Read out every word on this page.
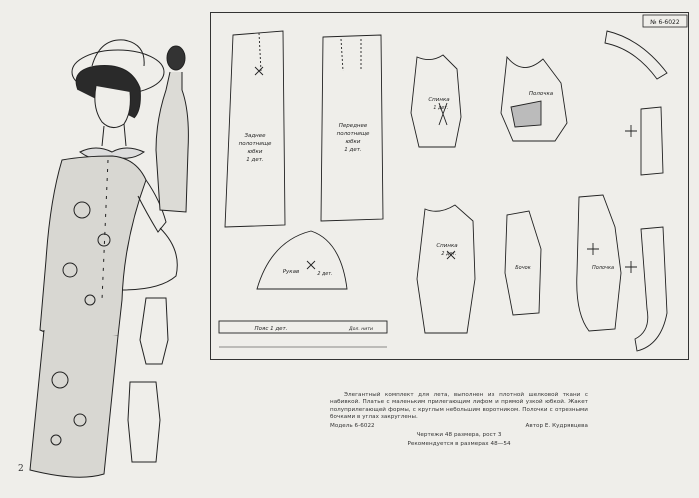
№ 6-6022
Заднее
полотнище
юбки
1 дет.
Переднее
полотнище
юбки
1 дет.
Спинка
1 дет.
Полочка
Рукав	2 дет.
Пояс 1 дет.	Дол. нити
Спинка
2 дет.
Бочок	Полочка

Элегантный комплект для лета, выполнен из плотной шелковой ткани с набивкой. Платье с маленьким прилегающим лифом и прямой узкой юбкой. Жакет полуприлегающей формы, с круглым небольшим воротником. Полочки с отрезными бочками в углах закруглены.

Модель 6-6022	Автор Е. Кудрявцева
Чертежи 48 размера, рост 3
Рекомендуется в размерах 48—54
2
